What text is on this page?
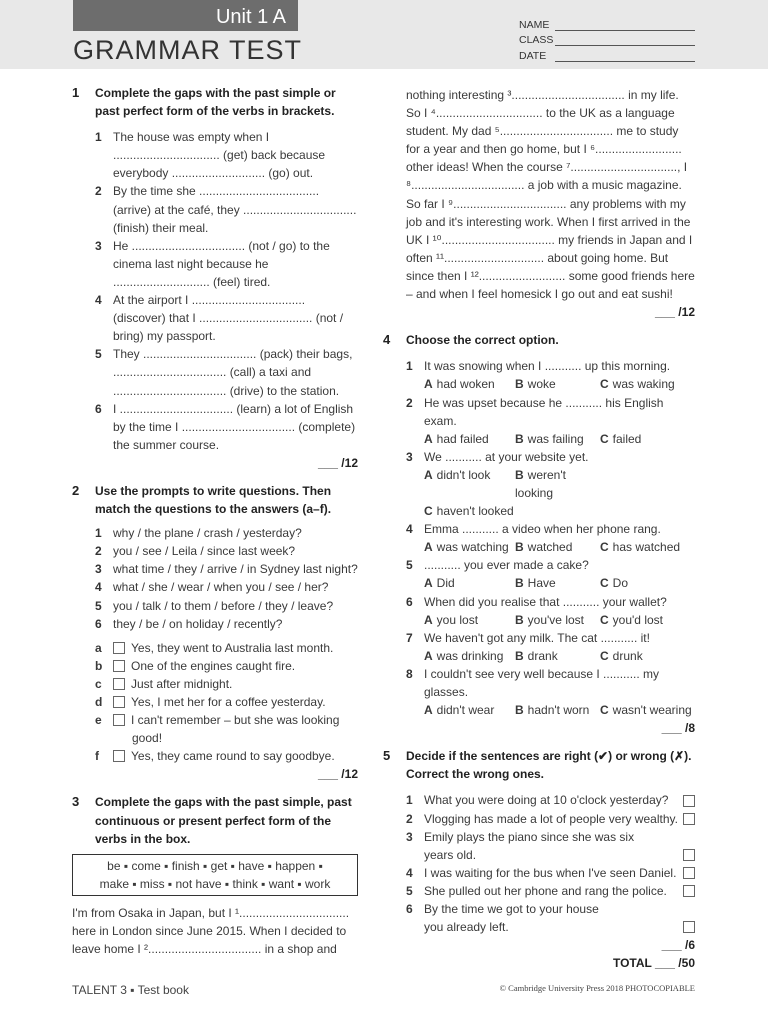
Unit 1 A
GRAMMAR TEST
NAME
CLASS
DATE
1	Complete the gaps with the past simple or past perfect form of the verbs in brackets.
1 The house was empty when I ................................ (get) back because everybody ............................ (go) out.
2 By the time she .................................... (arrive) at the café, they .................................. (finish) their meal.
3 He .................................. (not / go) to the cinema last night because he ............................. (feel) tired.
4 At the airport I .................................. (discover) that I .................................. (not / bring) my passport.
5 They .................................. (pack) their bags, .................................. (call) a taxi and .................................. (drive) to the station.
6 I .................................. (learn) a lot of English by the time I .................................. (complete) the summer course.
___ /12
2	Use the prompts to write questions. Then match the questions to the answers (a–f).
1 why / the plane / crash / yesterday?
2 you / see / Leila / since last week?
3 what time / they / arrive / in Sydney last night?
4 what / she / wear / when you / see / her?
5 you / talk / to them / before / they / leave?
6 they / be / on holiday / recently?
a	Yes, they went to Australia last month.
b	One of the engines caught fire.
c	Just after midnight.
d	Yes, I met her for a coffee yesterday.
e	I can't remember – but she was looking good!
f	Yes, they came round to say goodbye.
___ /12
3	Complete the gaps with the past simple, past continuous or present perfect form of the verbs in the box.
be ▪ come ▪ finish ▪ get ▪ have ▪ happen ▪
make ▪ miss ▪ not have ▪ think ▪ want ▪ work
I'm from Osaka in Japan, but I ¹................................. here in London since June 2015. When I decided to leave home I ².................................. in a shop and
nothing interesting ³.................................. in my life. So I ⁴................................ to the UK as a language student. My dad ⁵.................................. me to study for a year and then go home, but I ⁶.......................... other ideas! When the course ⁷................................, I ⁸.................................. a job with a music magazine. So far I ⁹.................................. any problems with my job and it's interesting work. When I first arrived in the UK I ¹⁰.................................. my friends in Japan and I often ¹¹.............................. about going home. But since then I ¹².......................... some good friends here – and when I feel homesick I go out and eat sushi!
___ /12
4	Choose the correct option.
1 It was snowing when I ........... up this morning.
A had woken	B woke	C was waking
2 He was upset because he ........... his English exam.
A had failed	B was failing	C failed
3 We ........... at your website yet.
A didn't look	B weren't looking
C haven't looked
4 Emma ........... a video when her phone rang.
A was watching B watched	C has watched
5 ........... you ever made a cake?
A Did	B Have	C Do
6 When did you realise that ........... your wallet?
A you lost	B you've lost	C you'd lost
7 We haven't got any milk. The cat ........... it!
A was drinking B drank	C drunk
8 I couldn't see very well because I ........... my glasses.
A didn't wear	B hadn't worn C wasn't wearing
___ /8
5	Decide if the sentences are right (✔) or wrong (✗). Correct the wrong ones.
1 What you were doing at 10 o'clock yesterday?
2 Vlogging has made a lot of people very wealthy.
3 Emily plays the piano since she was six years old.
4 I was waiting for the bus when I've seen Daniel.
5 She pulled out her phone and rang the police.
6 By the time we got to your house you already left.
___ /6
TOTAL ___ /50
TALENT 3 ▪ Test book	© Cambridge University Press 2018 PHOTOCOPIABLE
